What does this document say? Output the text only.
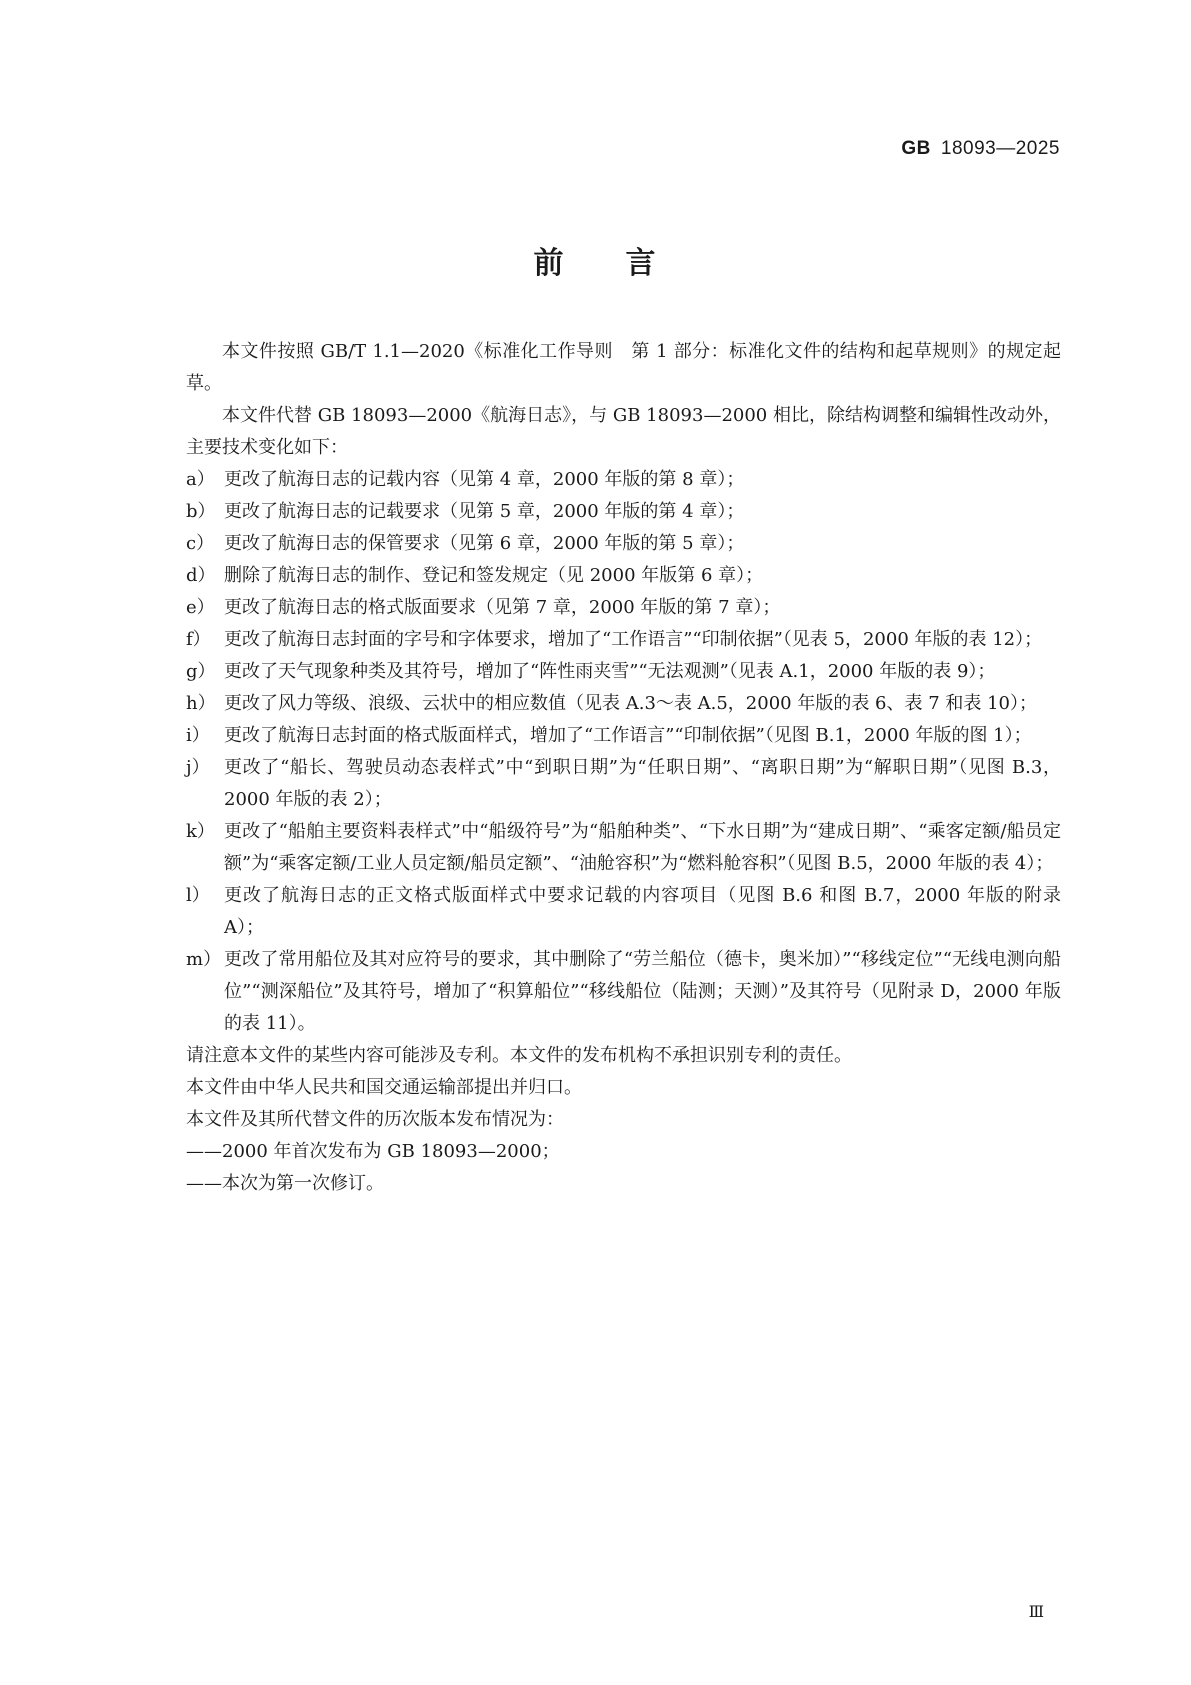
GB 18093—2025
前 言

本文件按照 GB/T 1.1—2020《标准化工作导则　第 1 部分：标准化文件的结构和起草规则》的规定起草。

本文件代替 GB 18093—2000《航海日志》，与 GB 18093—2000 相比，除结构调整和编辑性改动外，主要技术变化如下：

a） 更改了航海日志的记载内容（见第 4 章，2000 年版的第 8 章）；
b） 更改了航海日志的记载要求（见第 5 章，2000 年版的第 4 章）；
c） 更改了航海日志的保管要求（见第 6 章，2000 年版的第 5 章）；
d） 删除了航海日志的制作、登记和签发规定（见 2000 年版第 6 章）；
e） 更改了航海日志的格式版面要求（见第 7 章，2000 年版的第 7 章）；
f） 更改了航海日志封面的字号和字体要求，增加了“工作语言”“印制依据”（见表 5，2000 年版的表 12）；
g） 更改了天气现象种类及其符号，增加了“阵性雨夹雪”“无法观测”（见表 A.1，2000 年版的表 9）；
h） 更改了风力等级、浪级、云状中的相应数值（见表 A.3～表 A.5，2000 年版的表 6、表 7 和表 10）；
i） 更改了航海日志封面的格式版面样式，增加了“工作语言”“印制依据”（见图 B.1，2000 年版的图 1）；
j） 更改了“船长、驾驶员动态表样式”中“到职日期”为“任职日期”、“离职日期”为“解职日期”（见图 B.3，2000 年版的表 2）；
k） 更改了“船舶主要资料表样式”中“船级符号”为“船舶种类”、“下水日期”为“建成日期”、“乘客定额/船员定额”为“乘客定额/工业人员定额/船员定额”、“油舱容积”为“燃料舱容积”（见图 B.5，2000 年版的表 4）；
l） 更改了航海日志的正文格式版面样式中要求记载的内容项目（见图 B.6 和图 B.7，2000 年版的附录 A）；
m） 更改了常用船位及其对应符号的要求，其中删除了“劳兰船位（德卡，奥米加）”“移线定位”“无线电测向船位”“测深船位”及其符号，增加了“积算船位”“移线船位（陆测；天测）”及其符号（见附录 D，2000 年版的表 11）。

请注意本文件的某些内容可能涉及专利。本文件的发布机构不承担识别专利的责任。

本文件由中华人民共和国交通运输部提出并归口。

本文件及其所代替文件的历次版本发布情况为：

——2000 年首次发布为 GB 18093—2000；

——本次为第一次修订。

Ⅲ
